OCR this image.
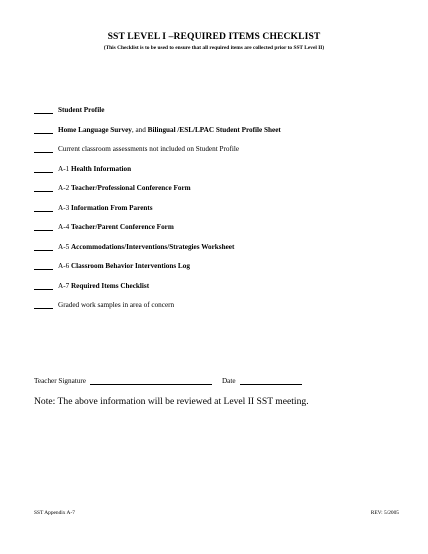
SST LEVEL I –REQUIRED ITEMS CHECKLIST
(This Checklist is to be used to ensure that all required items are collected prior to SST Level II)
Student Profile
Home Language Survey, and Bilingual /ESL/LPAC Student Profile Sheet
Current classroom assessments not included on Student Profile
A-1 Health Information
A-2 Teacher/Professional Conference Form
A-3 Information From Parents
A-4 Teacher/Parent Conference Form
A-5 Accommodations/Interventions/Strategies Worksheet
A-6 Classroom Behavior Interventions Log
A-7 Required Items Checklist
Graded work samples in area of concern
Teacher Signature	Date
Note: The above information will be reviewed at Level II SST meeting.
SST Appendix A-7	REV: 5/2005
